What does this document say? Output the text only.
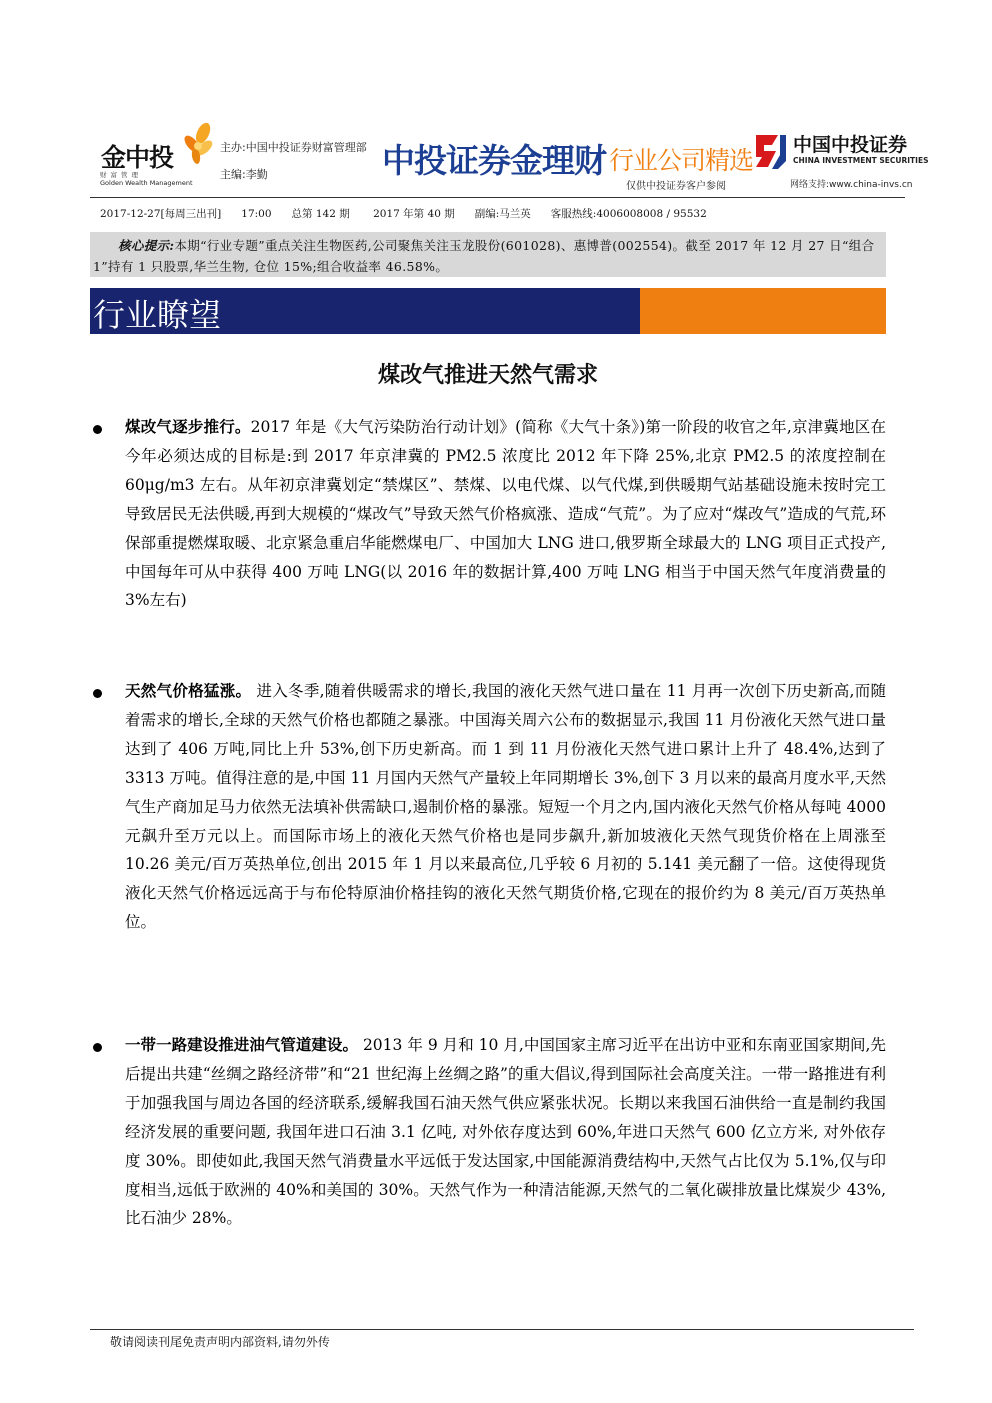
金中投
财富管理
Golden Wealth Management
主办:中国中投证券财富管理部
主编:李勤	中投证券金理财 行业公司精选
仅供中投证券客户参阅
中国中投证券
CHINA INVESTMENT SECURITIES
网络支持:www.china-invs.cn
2017-12-27[每周三出刊]      17:00      总第 142 期       2017 年第 40 期      副编:马兰英      客服热线:4006008008 / 95532
核心提示:本期“行业专题”重点关注生物医药,公司聚焦关注玉龙股份(601028)、惠博普(002554)。截至 2017 年 12 月 27 日“组合 1”持有 1 只股票,华兰生物, 仓位 15%;组合收益率 46.58%。
行业瞭望
煤改气推进天然气需求
煤改气逐步推行。2017 年是《大气污染防治行动计划》(简称《大气十条》)第一阶段的收官之年,京津冀地区在今年必须达成的目标是:到 2017 年京津冀的 PM2.5 浓度比 2012 年下降 25%,北京 PM2.5 的浓度控制在 60μg/m3 左右。从年初京津冀划定“禁煤区”、禁煤、以电代煤、以气代煤,到供暖期气站基础设施未按时完工导致居民无法供暖,再到大规模的“煤改气”导致天然气价格疯涨、造成“气荒”。为了应对“煤改气”造成的气荒,环保部重提燃煤取暖、北京紧急重启华能燃煤电厂、中国加大 LNG 进口,俄罗斯全球最大的 LNG 项目正式投产,中国每年可从中获得 400 万吨 LNG(以 2016 年的数据计算,400 万吨 LNG 相当于中国天然气年度消费量的 3%左右)
天然气价格猛涨。 进入冬季,随着供暖需求的增长,我国的液化天然气进口量在 11 月再一次创下历史新高,而随着需求的增长,全球的天然气价格也都随之暴涨。中国海关周六公布的数据显示,我国 11 月份液化天然气进口量达到了 406 万吨,同比上升 53%,创下历史新高。而 1 到 11 月份液化天然气进口累计上升了 48.4%,达到了 3313 万吨。值得注意的是,中国 11 月国内天然气产量较上年同期增长 3%,创下 3 月以来的最高月度水平,天然气生产商加足马力依然无法填补供需缺口,遏制价格的暴涨。短短一个月之内,国内液化天然气价格从每吨 4000 元飙升至万元以上。而国际市场上的液化天然气价格也是同步飙升,新加坡液化天然气现货价格在上周涨至 10.26 美元/百万英热单位,创出 2015 年 1 月以来最高位,几乎较 6 月初的 5.141 美元翻了一倍。这使得现货液化天然气价格远远高于与布伦特原油价格挂钩的液化天然气期货价格,它现在的报价约为 8 美元/百万英热单位。
一带一路建设推进油气管道建设。 2013 年 9 月和 10 月,中国国家主席习近平在出访中亚和东南亚国家期间,先后提出共建“丝绸之路经济带”和“21 世纪海上丝绸之路”的重大倡议,得到国际社会高度关注。一带一路推进有利于加强我国与周边各国的经济联系,缓解我国石油天然气供应紧张状况。长期以来我国石油供给一直是制约我国经济发展的重要问题, 我国年进口石油 3.1 亿吨, 对外依存度达到 60%,年进口天然气 600 亿立方米, 对外依存度 30%。即使如此,我国天然气消费量水平远低于发达国家,中国能源消费结构中,天然气占比仅为 5.1%,仅与印度相当,远低于欧洲的 40%和美国的 30%。天然气作为一种清洁能源,天然气的二氧化碳排放量比煤炭少 43%,比石油少 28%。
敬请阅读刊尾免责声明内部资料,请勿外传
